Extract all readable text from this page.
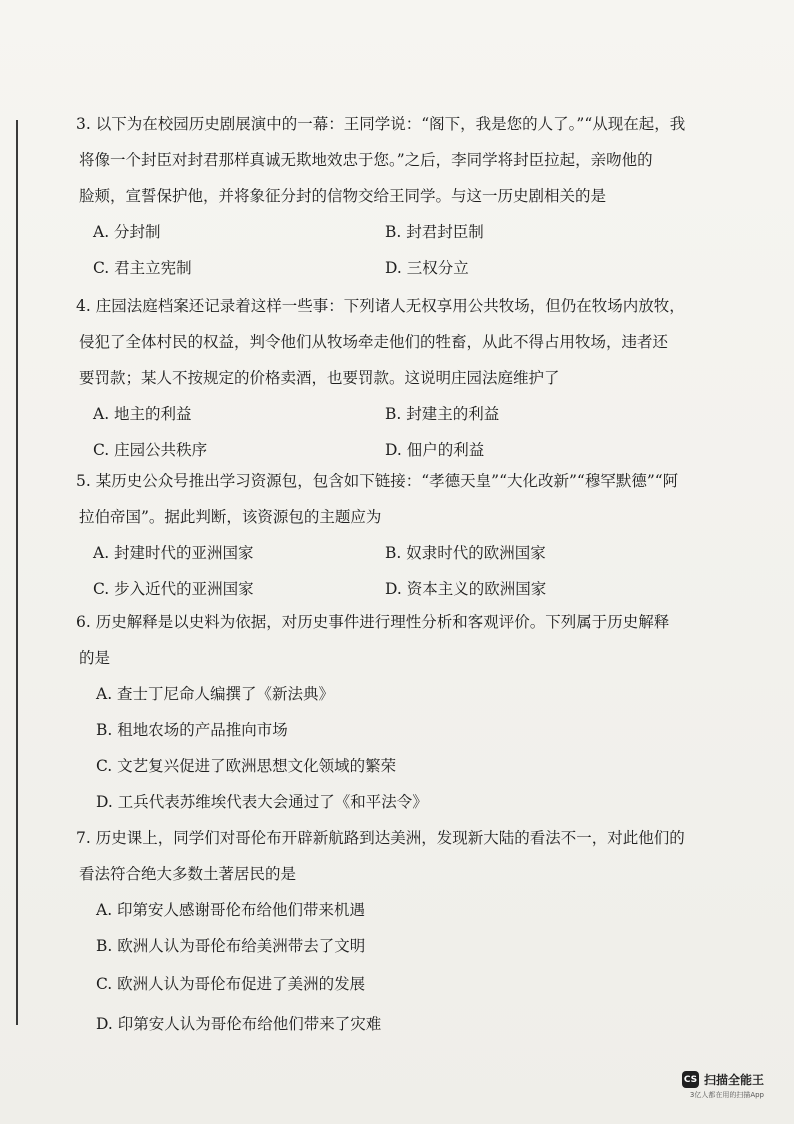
3. 以下为在校园历史剧展演中的一幕：王同学说：“阁下，我是您的人了。”“从现在起，我
将像一个封臣对封君那样真诚无欺地效忠于您。”之后，李同学将封臣拉起，亲吻他的
脸颊，宣誓保护他，并将象征分封的信物交给王同学。与这一历史剧相关的是
A. 分封制	B. 封君封臣制
C. 君主立宪制	D. 三权分立
4. 庄园法庭档案还记录着这样一些事：下列诸人无权享用公共牧场，但仍在牧场内放牧，
侵犯了全体村民的权益，判令他们从牧场牵走他们的牲畜，从此不得占用牧场，违者还
要罚款；某人不按规定的价格卖酒，也要罚款。这说明庄园法庭维护了
A. 地主的利益	B. 封建主的利益
C. 庄园公共秩序	D. 佃户的利益
5. 某历史公众号推出学习资源包，包含如下链接：“孝德天皇”“大化改新”“穆罕默德”“阿
拉伯帝国”。据此判断，该资源包的主题应为
A. 封建时代的亚洲国家	B. 奴隶时代的欧洲国家
C. 步入近代的亚洲国家	D. 资本主义的欧洲国家
6. 历史解释是以史料为依据，对历史事件进行理性分析和客观评价。下列属于历史解释
的是
A. 查士丁尼命人编撰了《新法典》
B. 租地农场的产品推向市场
C. 文艺复兴促进了欧洲思想文化领域的繁荣
D. 工兵代表苏维埃代表大会通过了《和平法令》
7. 历史课上，同学们对哥伦布开辟新航路到达美洲，发现新大陆的看法不一，对此他们的
看法符合绝大多数土著居民的是
A. 印第安人感谢哥伦布给他们带来机遇
B. 欧洲人认为哥伦布给美洲带去了文明
C. 欧洲人认为哥伦布促进了美洲的发展
D. 印第安人认为哥伦布给他们带来了灾难
CS 扫描全能王
3亿人都在用的扫描App
